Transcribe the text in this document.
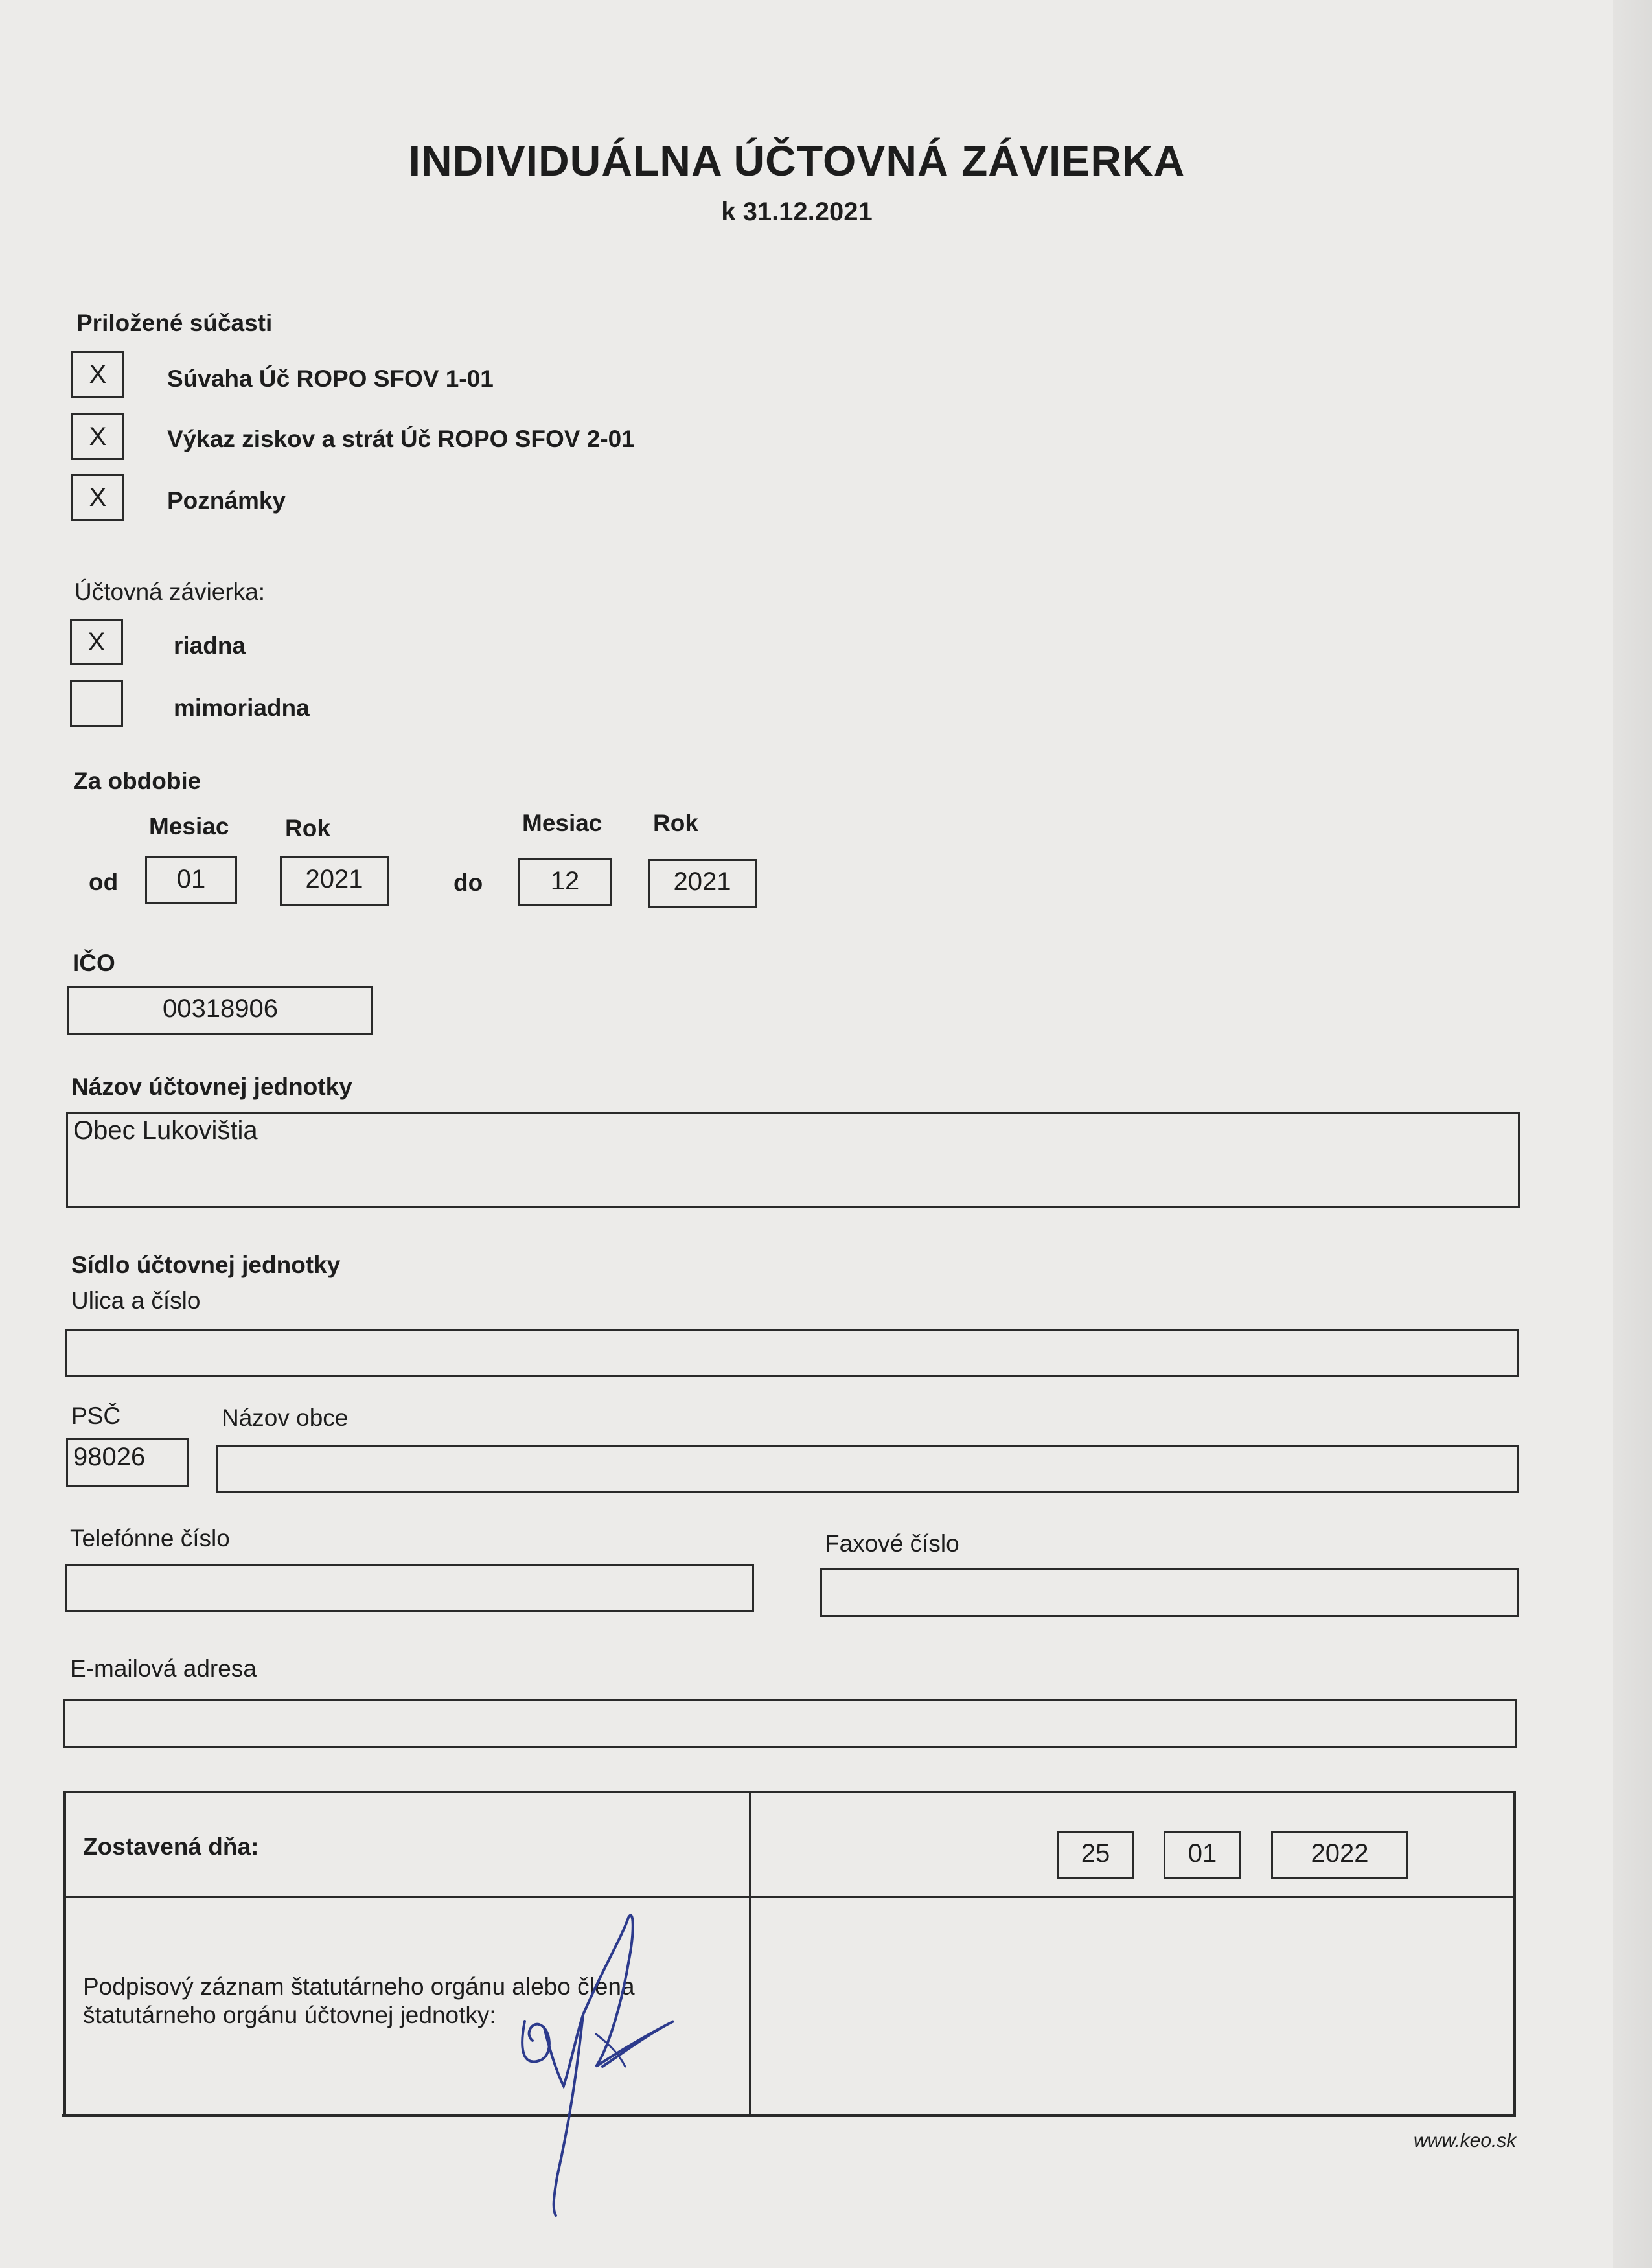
INDIVIDUÁLNA ÚČTOVNÁ ZÁVIERKA
k 31.12.2021
Priložené súčasti
X	Súvaha Úč ROPO SFOV 1-01
X	Výkaz ziskov a strát Úč ROPO SFOV 2-01
X	Poznámky
Účtovná závierka:
X	riadna
mimoriadna
Za obdobie
Mesiac Rok	Mesiac Rok
od	01	2021	do	12	2021
IČO
00318906
Názov účtovnej jednotky
Obec Lukovištia
Sídlo účtovnej jednotky
Ulica a číslo
PSČ	Názov obce
98026
Telefónne číslo	Faxové číslo
E-mailová adresa
Zostavená dňa:	25	01	2022
Podpisový záznam štatutárneho orgánu alebo člena
štatutárneho orgánu účtovnej jednotky:
www.keo.sk
